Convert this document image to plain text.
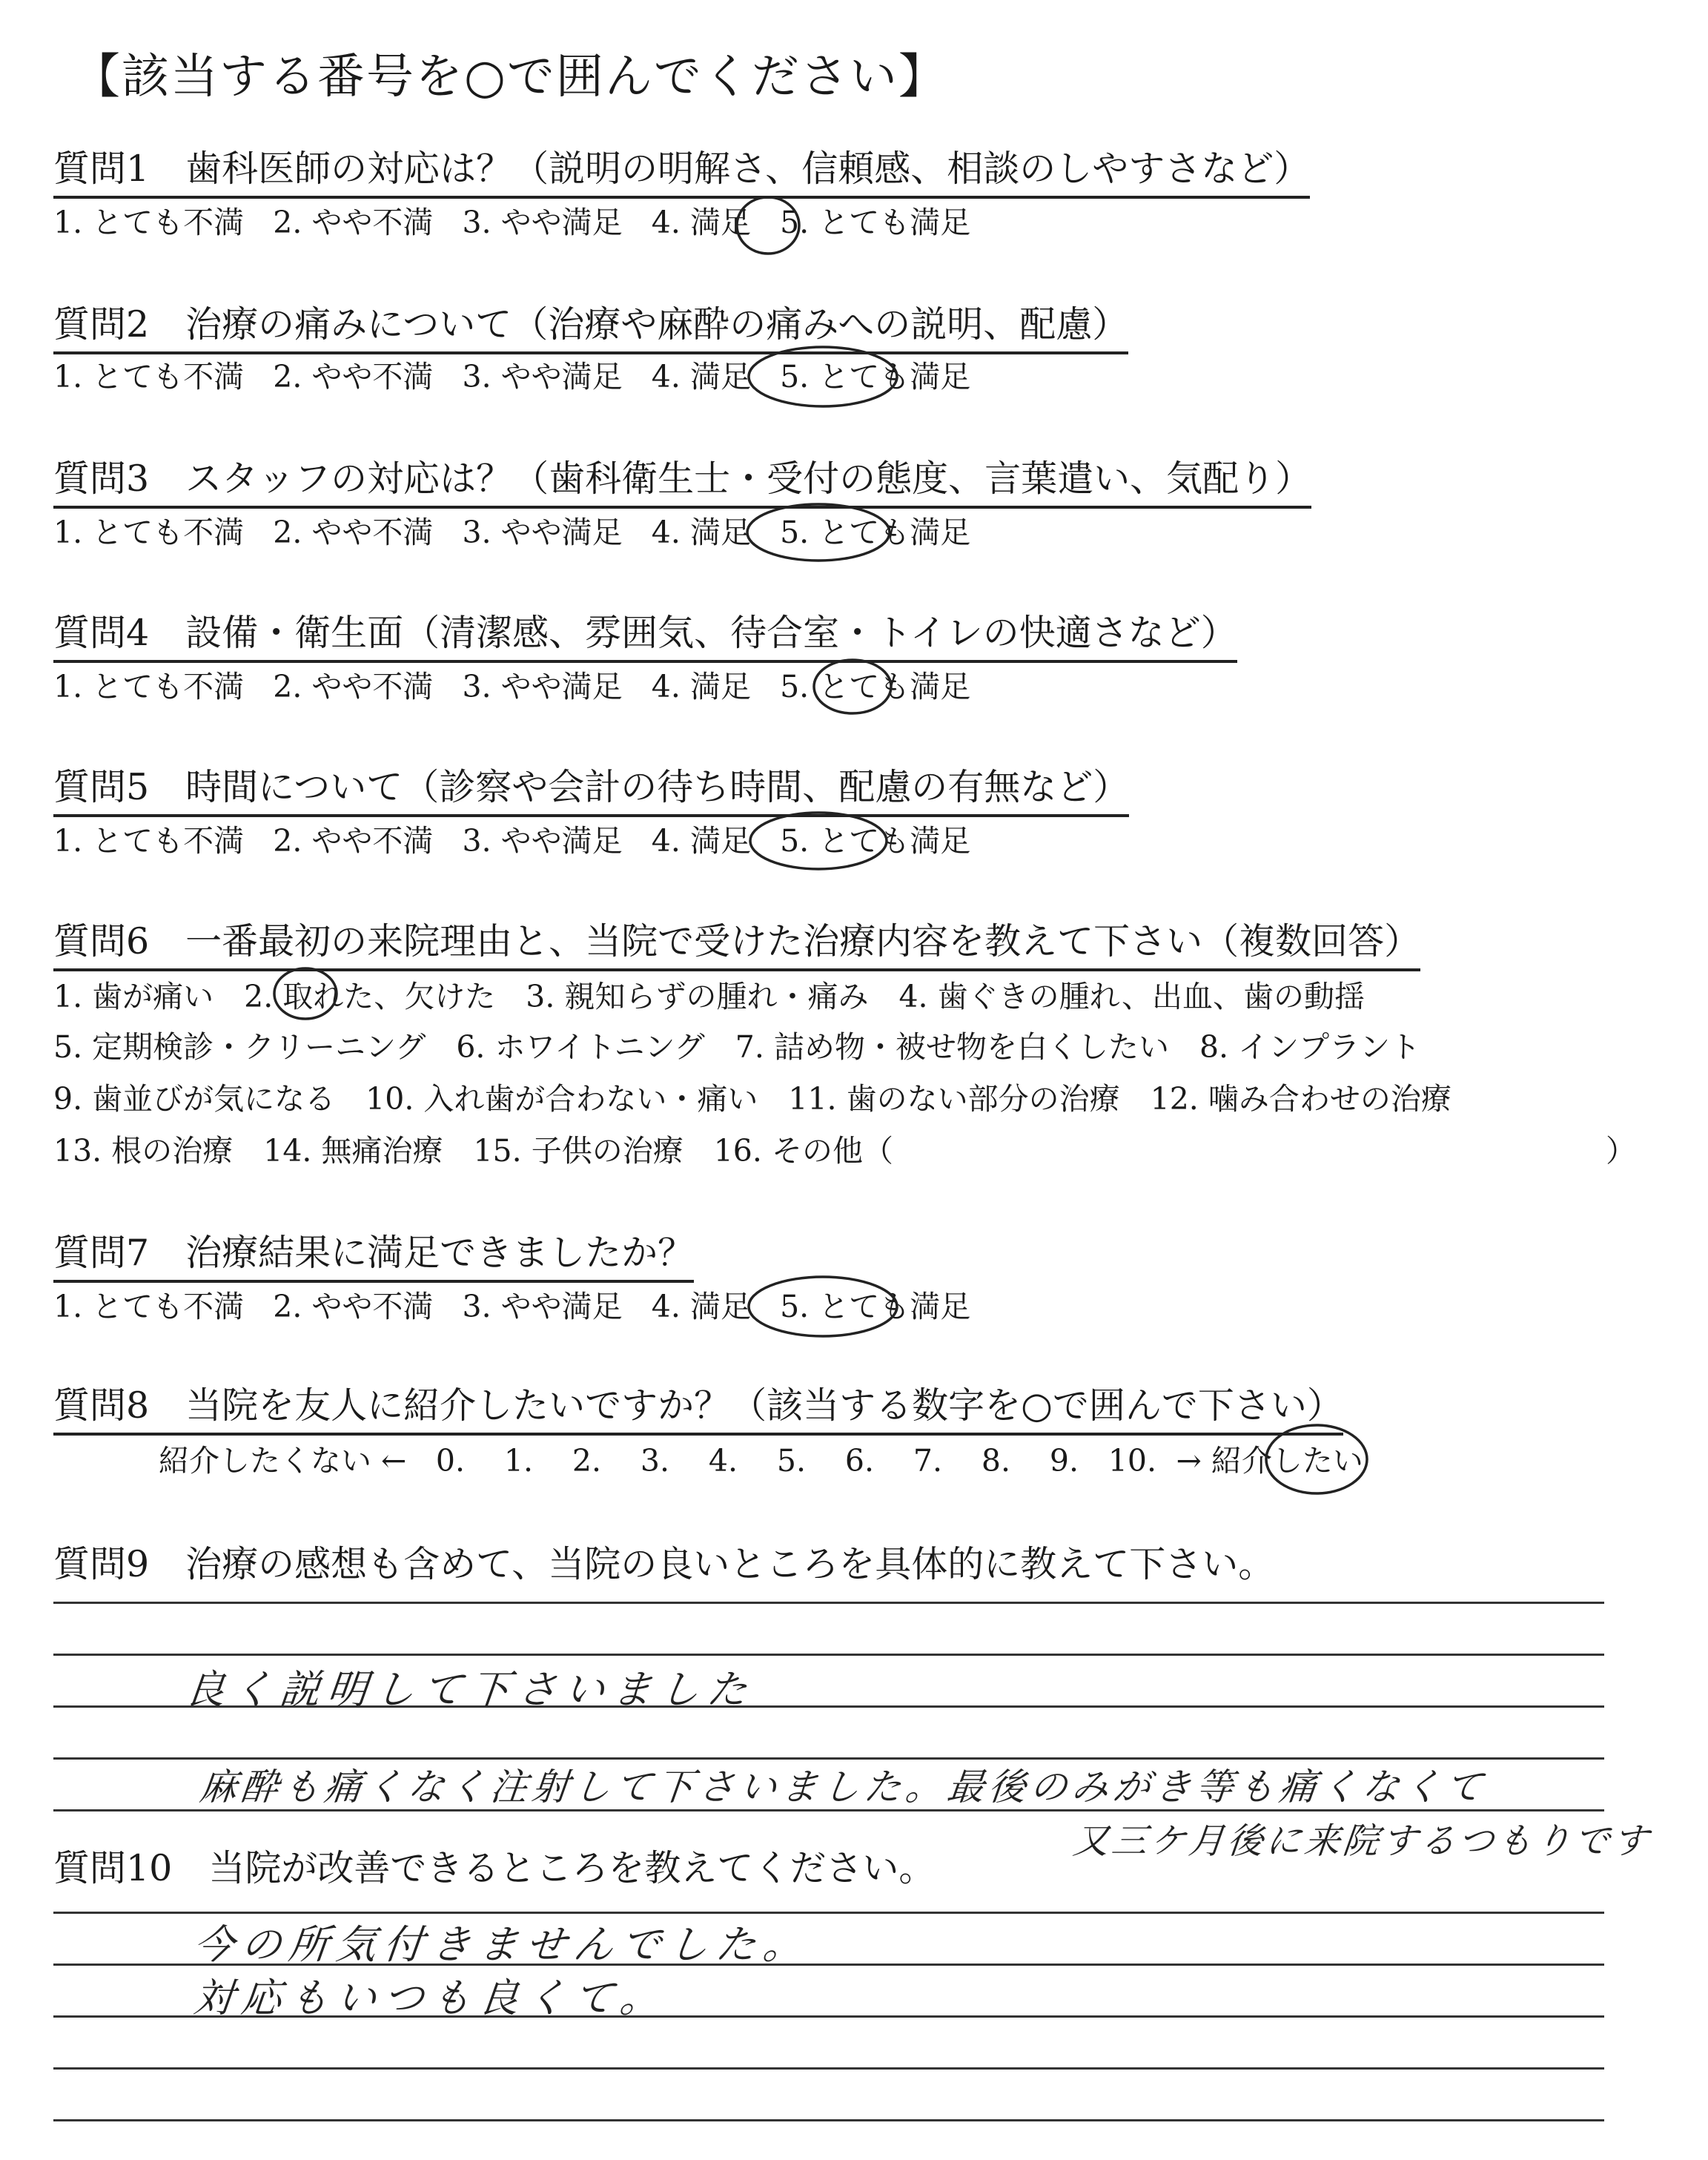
【該当する番号を○で囲んでください】
質問1　歯科医師の対応は？（説明の明解さ、信頼感、相談のしやすさなど）
1. とても不満 2. やや不満 3. やや満足 4. 満足 5. とても満足
質問2　治療の痛みについて（治療や麻酔の痛みへの説明、配慮）
1. とても不満 2. やや不満 3. やや満足 4. 満足 5. とても満足
質問3　スタッフの対応は？（歯科衛生士・受付の態度、言葉遣い、気配り）
1. とても不満 2. やや不満 3. やや満足 4. 満足 5. とても満足
質問4　設備・衛生面（清潔感、雰囲気、待合室・トイレの快適さなど）
1. とても不満 2. やや不満 3. やや満足 4. 満足 5. とても満足
質問5　時間について（診察や会計の待ち時間、配慮の有無など）
1. とても不満 2. やや不満 3. やや満足 4. 満足 5. とても満足
質問6　一番最初の来院理由と、当院で受けた治療内容を教えて下さい（複数回答）
1. 歯が痛い　2. 取れた、欠けた　3. 親知らずの腫れ・痛み　4. 歯ぐきの腫れ、出血、歯の動揺
5. 定期検診・クリーニング　6. ホワイトニング　7. 詰め物・被せ物を白くしたい　8. インプラント
9. 歯並びが気になる　10. 入れ歯が合わない・痛い　11. 歯のない部分の治療　12. 噛み合わせの治療
13. 根の治療　14. 無痛治療　15. 子供の治療　16. その他（	）
質問7　治療結果に満足できましたか？
1. とても不満 2. やや不満 3. やや満足 4. 満足 5. とても満足
質問8　当院を友人に紹介したいですか？（該当する数字を○で囲んで下さい）
紹介したくない ← 0. 1. 2. 3. 4. 5. 6. 7. 8. 9. 10. → 紹介したい
質問9　治療の感想も含めて、当院の良いところを具体的に教えて下さい。
良く説明して下さいました
麻酔も痛くなく注射して下さいました。最後のみがき等も痛くなくて
又三ケ月後に来院するつもりです
質問10　当院が改善できるところを教えてください。
今の所気付きませんでした。
対応もいつも良くて。
